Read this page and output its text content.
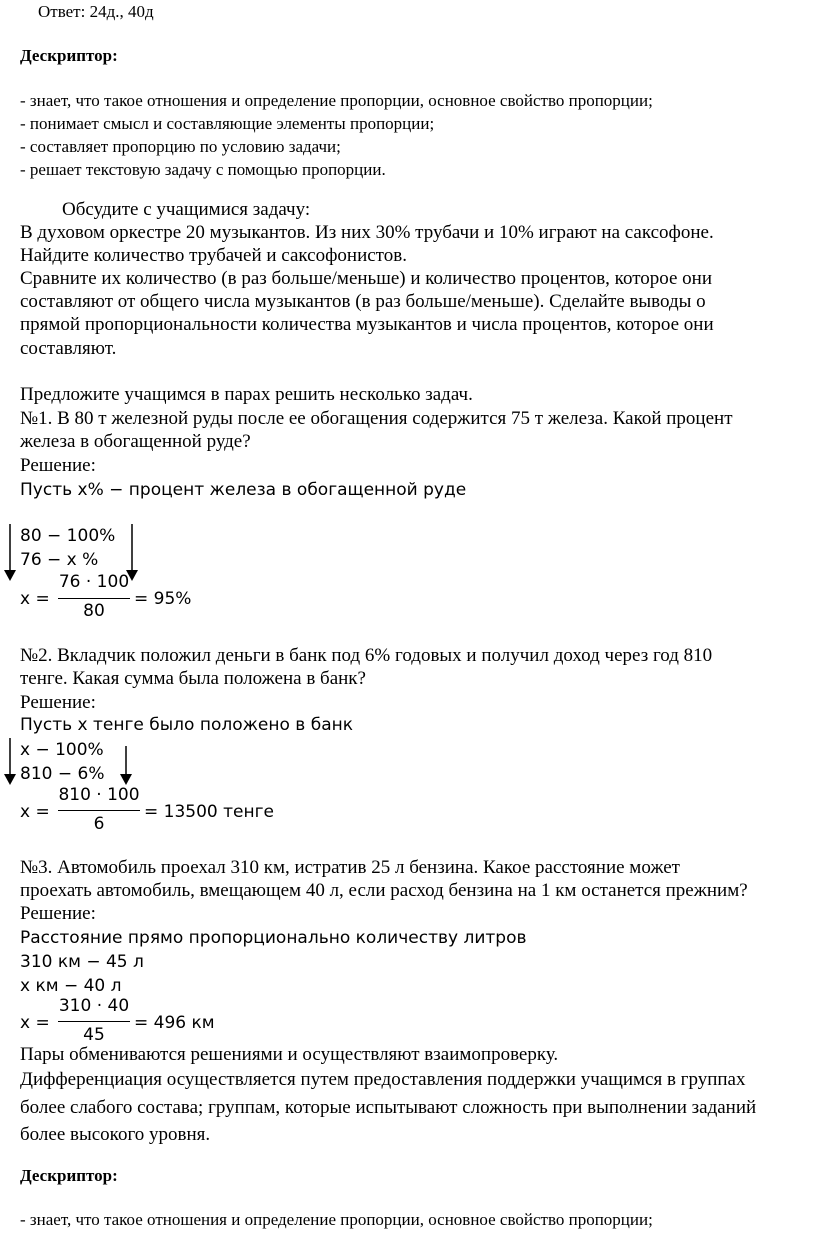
Ответ: 24д., 40д
Дескриптор:
- знает, что такое отношения и определение пропорции, основное свойство пропорции;
- понимает смысл и составляющие элементы пропорции;
- составляет пропорцию по условию задачи;
- решает текстовую задачу с помощью пропорции.
Обсудите с учащимися задачу:
В духовом оркестре 20 музыкантов. Из них 30% трубачи и 10% играют на саксофоне.
Найдите количество трубачей и саксофонистов.
Сравните их количество (в раз больше/меньше) и количество процентов, которое они
составляют от общего числа музыкантов (в раз больше/меньше). Сделайте выводы о
прямой пропорциональности количества музыкантов и числа процентов, которое они
составляют.
Предложите учащимся в парах решить несколько задач.
№1. В 80 т железной руды после ее обогащения содержится 75 т железа. Какой процент
железа в обогащенной руде?
Решение:
Пусть x% − процент железа в обогащенной руде
80 − 100%
76 − x %
x =
76 · 100
80
= 95%
№2. Вкладчик положил деньги в банк под 6% годовых и получил доход через год 810
тенге. Какая сумма была положена в банк?
Решение:
Пусть x тенге было положено в банк
x − 100%
810 − 6%
x =
810 · 100
6
= 13500 тенге
№3. Автомобиль проехал 310 км, истратив 25 л бензина. Какое расстояние может
проехать автомобиль, вмещающем 40 л, если расход бензина на 1 км останется прежним?
Решение:
Расстояние прямо пропорционально количеству литров
310 км − 45 л
x км − 40 л
x =
310 · 40
45
= 496 км
Пары обмениваются решениями и осуществляют взаимопроверку.
Дифференциация осуществляется путем предоставления поддержки учащимся в группах
более слабого состава; группам, которые испытывают сложность при выполнении заданий
более высокого уровня.
Дескриптор:
- знает, что такое отношения и определение пропорции, основное свойство пропорции;
